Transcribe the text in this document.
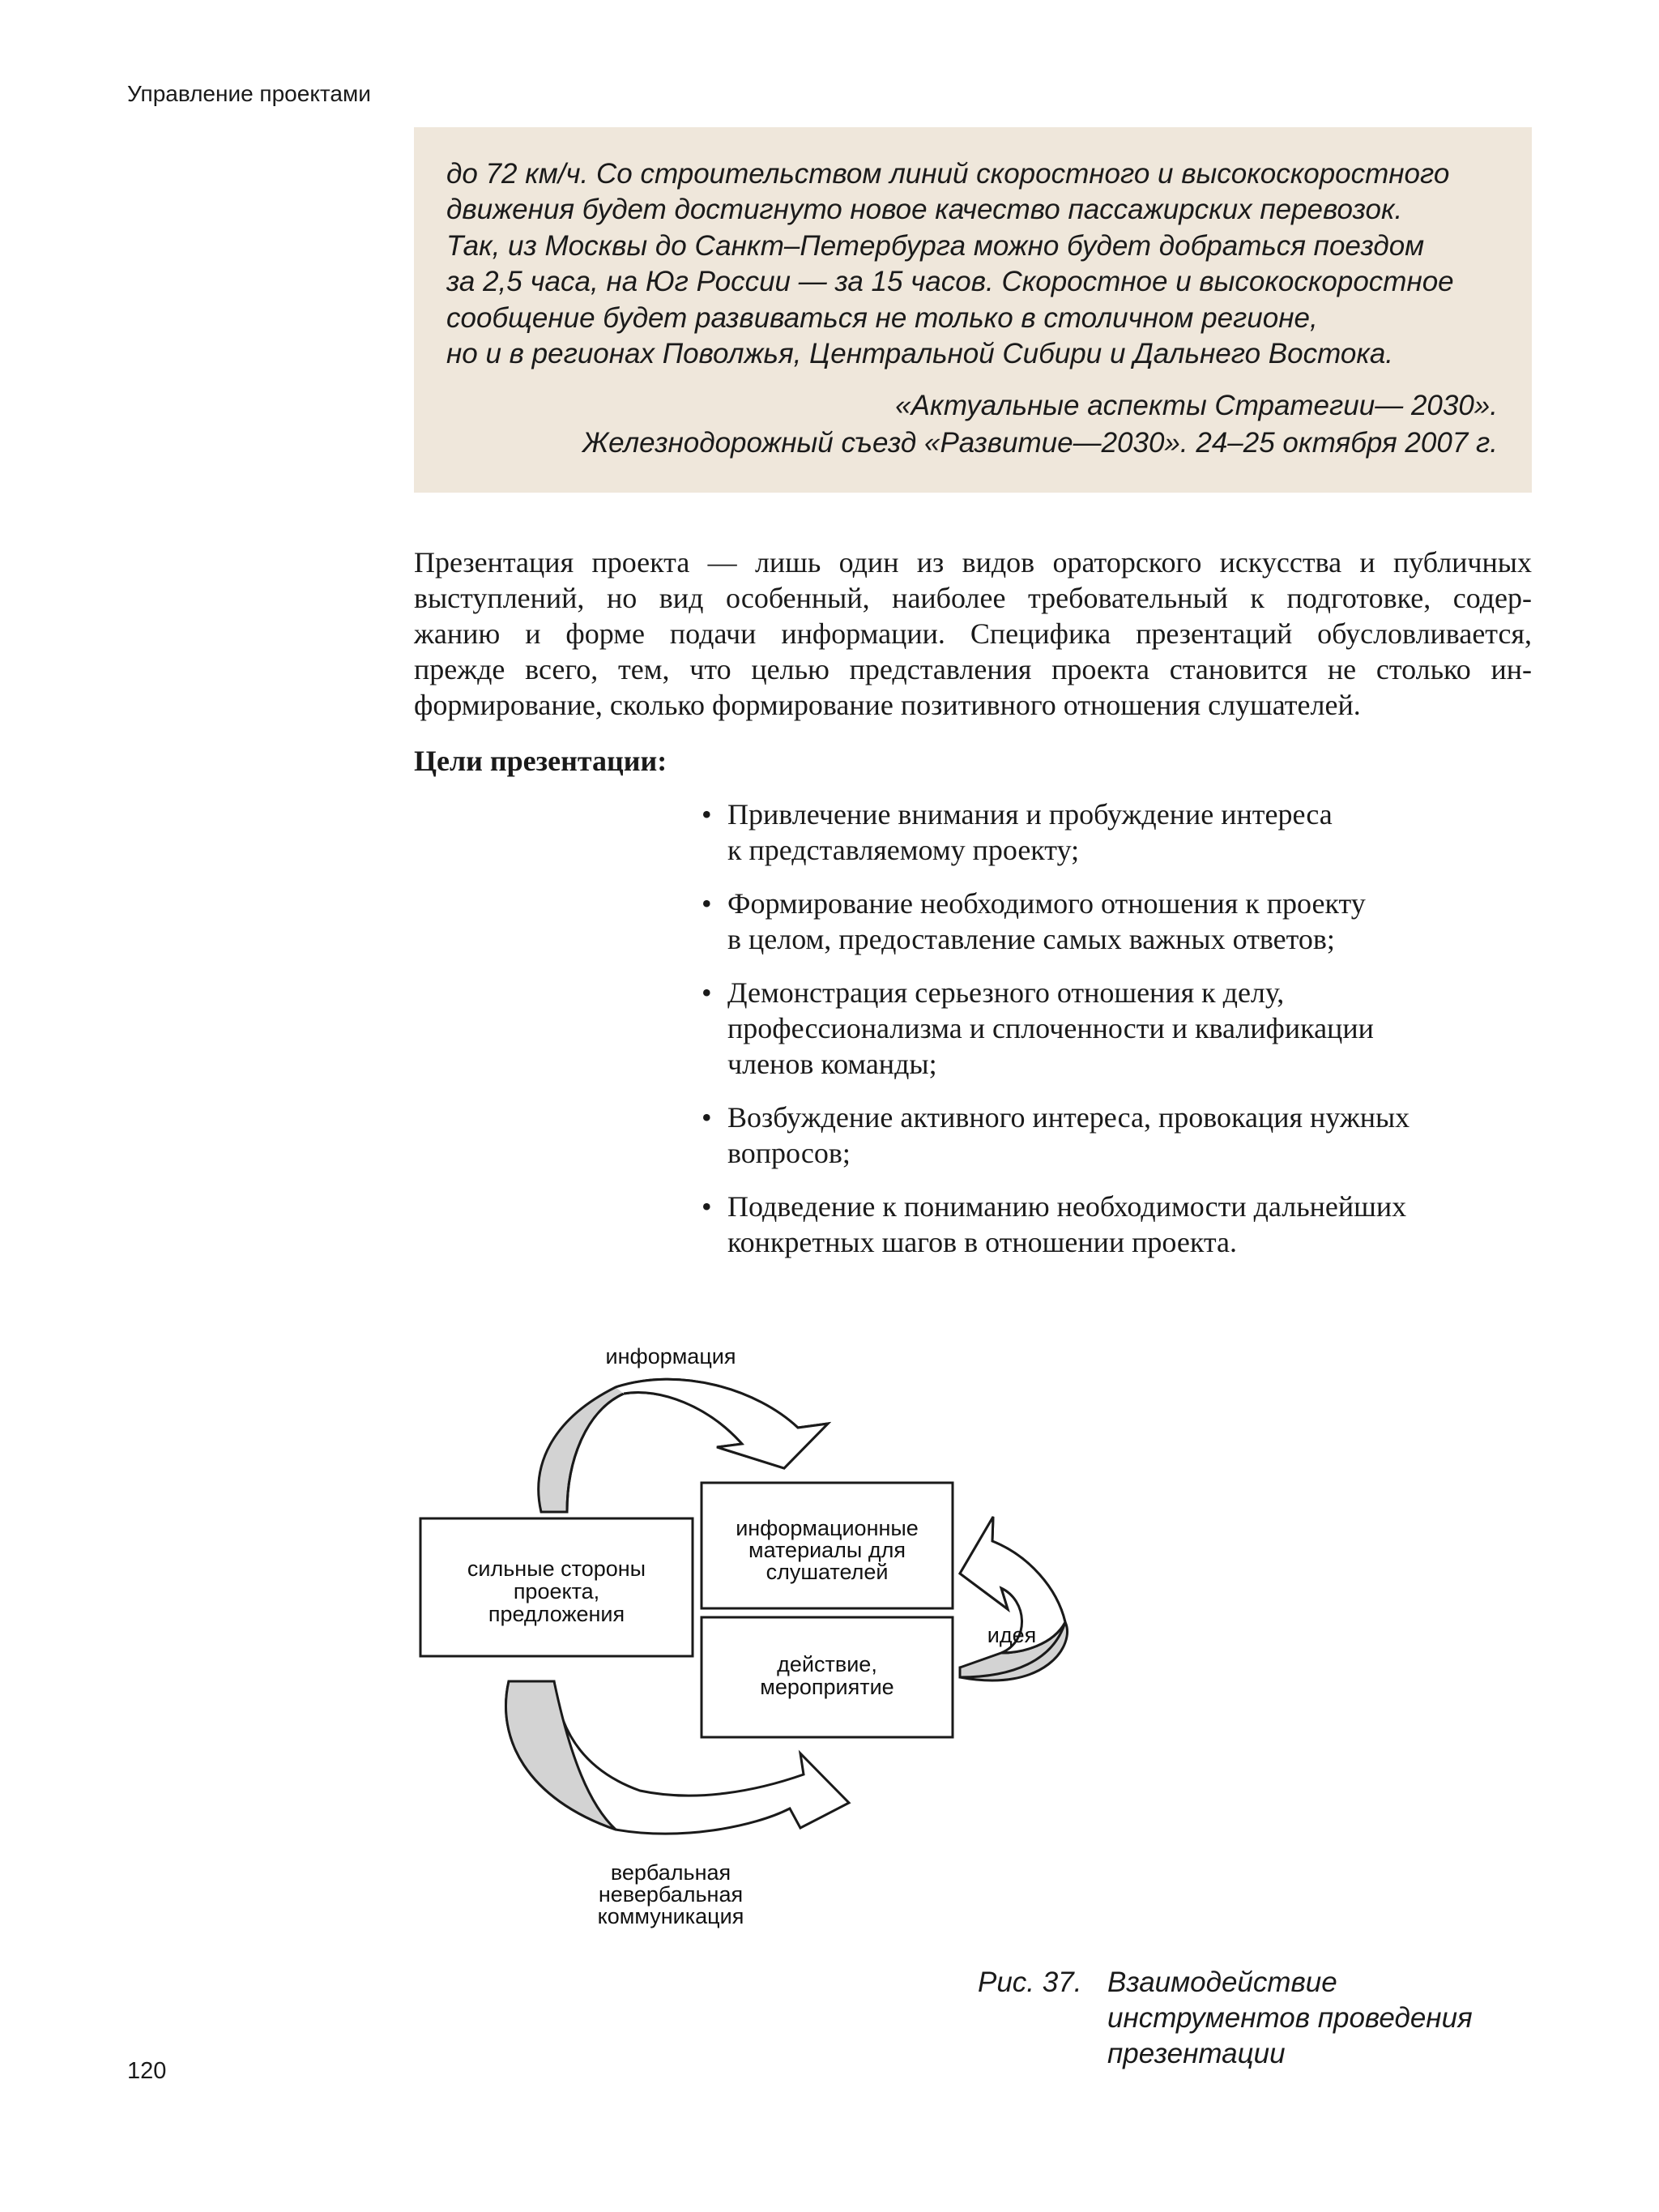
Управление проектами

до 72 км/ч. Со строительством линий скоростного и высокоскоростного

движения будет достигнуто новое качество пассажирских перевозок.

Так, из Москвы до Санкт–Петербурга можно будет добраться поездом

за 2,5 часа, на Юг России — за 15 часов. Скоростное и высокоскоростное

сообщение будет развиваться не только в столичном регионе,

но и в регионах Поволжья, Центральной Сибири и Дальнего Востока.

«Актуальные аспекты Стратегии— 2030».
Железнодорожный съезд «Развитие—2030». 24–25 октября 2007 г.

Презентация проекта — лишь один из видов ораторского искусства и публичных
выступлений, но вид особенный, наиболее требовательный к подготовке, содер-
жанию и форме подачи информации. Специфика презентаций обусловливается,
прежде всего, тем, что целью представления проекта становится не столько ин-
формирование, сколько формирование позитивного отношения слушателей.

Цели презентации:
• Привлечение внимания и пробуждение интереса
к представляемому проекту;
• Формирование необходимого отношения к проекту
в целом, предоставление самых важных ответов;
• Демонстрация серьезного отношения к делу,
профессионализма и сплоченности и квалификации
членов команды;
• Возбуждение активного интереса, провокация нужных
вопросов;
• Подведение к пониманию необходимости дальнейших
конкретных шагов в отношении проекта.
информация
сильные стороны
проекта,
предложения
информационные
материалы для
слушателей
действие,
мероприятие
идея
вербальная
невербальная
коммуникация
Рис. 37. Взаимодействие
инструментов проведения
презентации
120
